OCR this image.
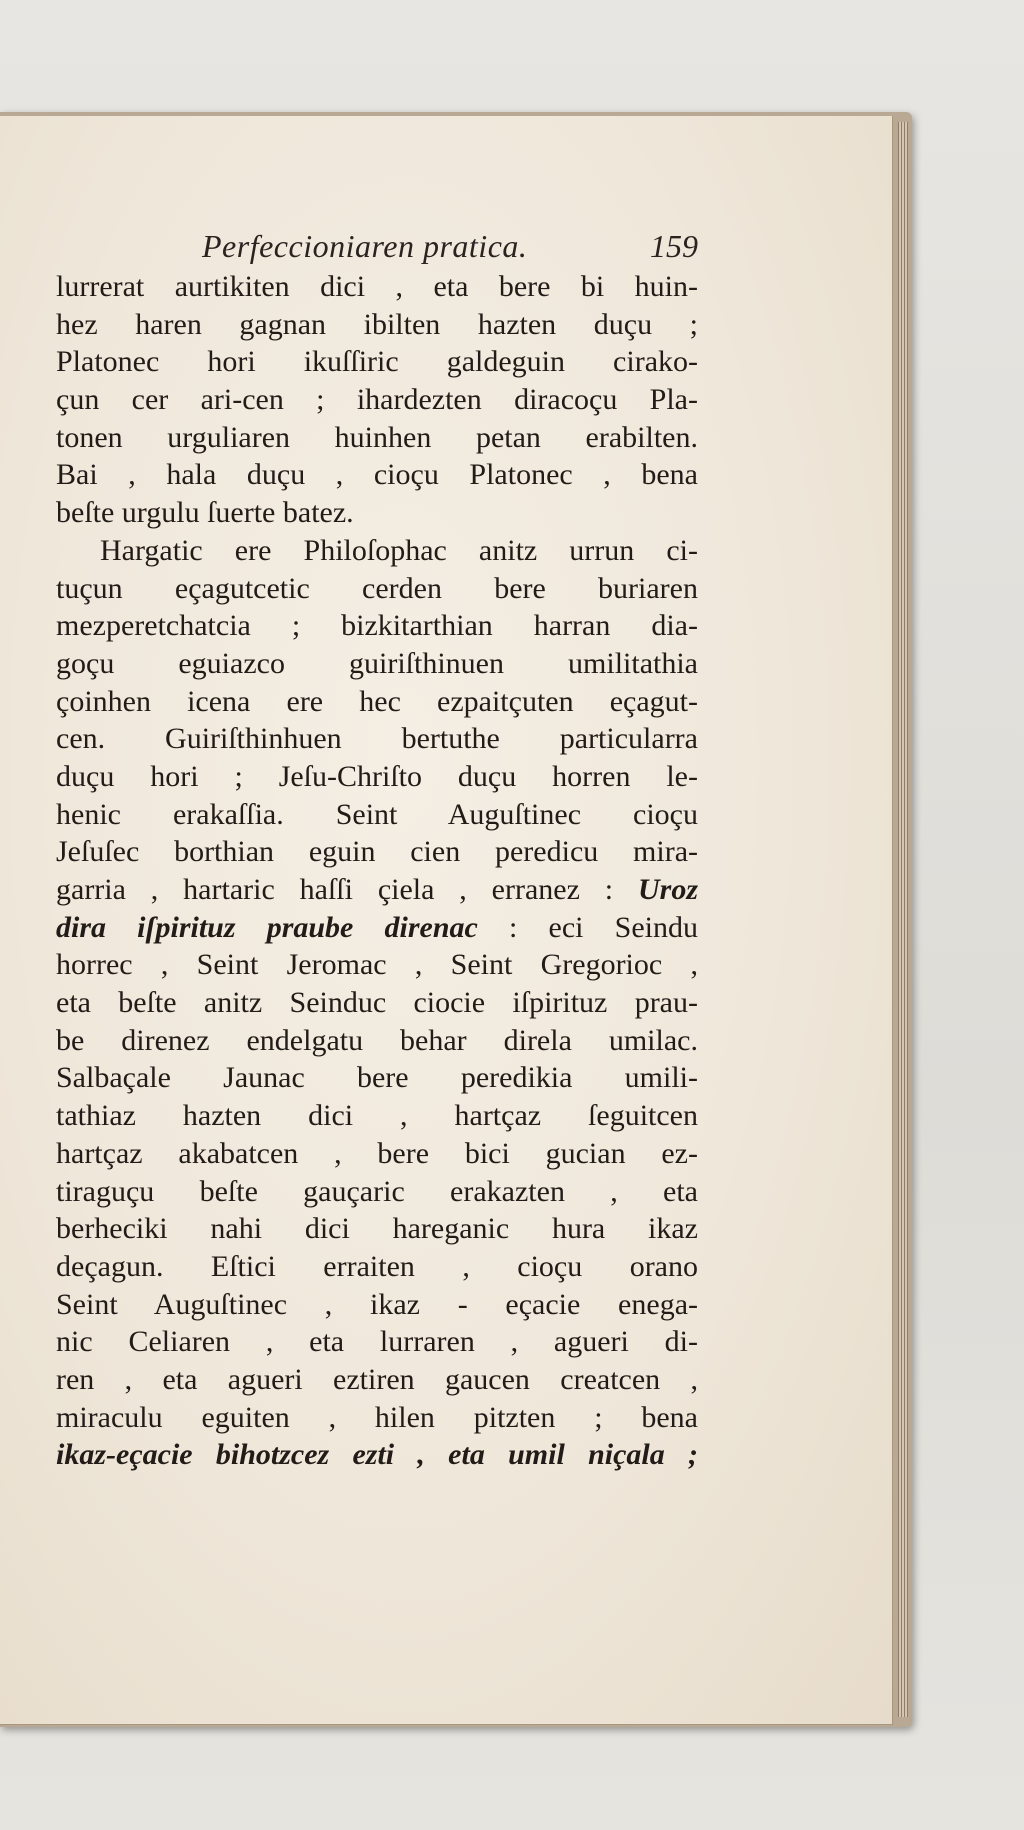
Perfeccioniaren pratica.	159
lurrerat aurtikiten dici , eta bere bi huin-
hez haren gagnan ibilten hazten duçu ;
Platonec hori ikuſſiric galdeguin cirako-
çun cer ari-cen ; ihardezten diracoçu Pla-
tonen urguliaren huinhen petan erabilten.
Bai , hala duçu , cioçu Platonec , bena
beſte urgulu ſuerte batez.
Hargatic ere Philoſophac anitz urrun ci-
tuçun eçagutcetic cerden bere buriaren
mezperetchatcia ; bizkitarthian harran dia-
goçu eguiazco guiriſthinuen umilitathia
çoinhen icena ere hec ezpaitçuten eçagut-
cen. Guiriſthinhuen bertuthe particularra
duçu hori ; Jeſu-Chriſto duçu horren le-
henic erakaſſia. Seint Auguſtinec cioçu
Jeſuſec borthian eguin cien peredicu mira-
garria , hartaric haſſi çiela , erranez : Uroz
dira iſpirituz praube direnac : eci Seindu
horrec , Seint Jeromac , Seint Gregorioc ,
eta beſte anitz Seinduc ciocie iſpirituz prau-
be direnez endelgatu behar direla umilac.
Salbaçale Jaunac bere peredikia umili-
tathiaz hazten dici , hartçaz ſeguitcen
hartçaz akabatcen , bere bici gucian ez-
tiraguçu beſte gauçaric erakazten , eta
berheciki nahi dici hareganic hura ikaz
deçagun. Eſtici erraiten , cioçu orano
Seint Auguſtinec , ikaz - eçacie enega-
nic Celiaren , eta lurraren , agueri di-
ren , eta agueri eztiren gaucen creatcen ,
miraculu eguiten , hilen pitzten ; bena
ikaz-eçacie bihotzcez ezti , eta umil niçala ;
